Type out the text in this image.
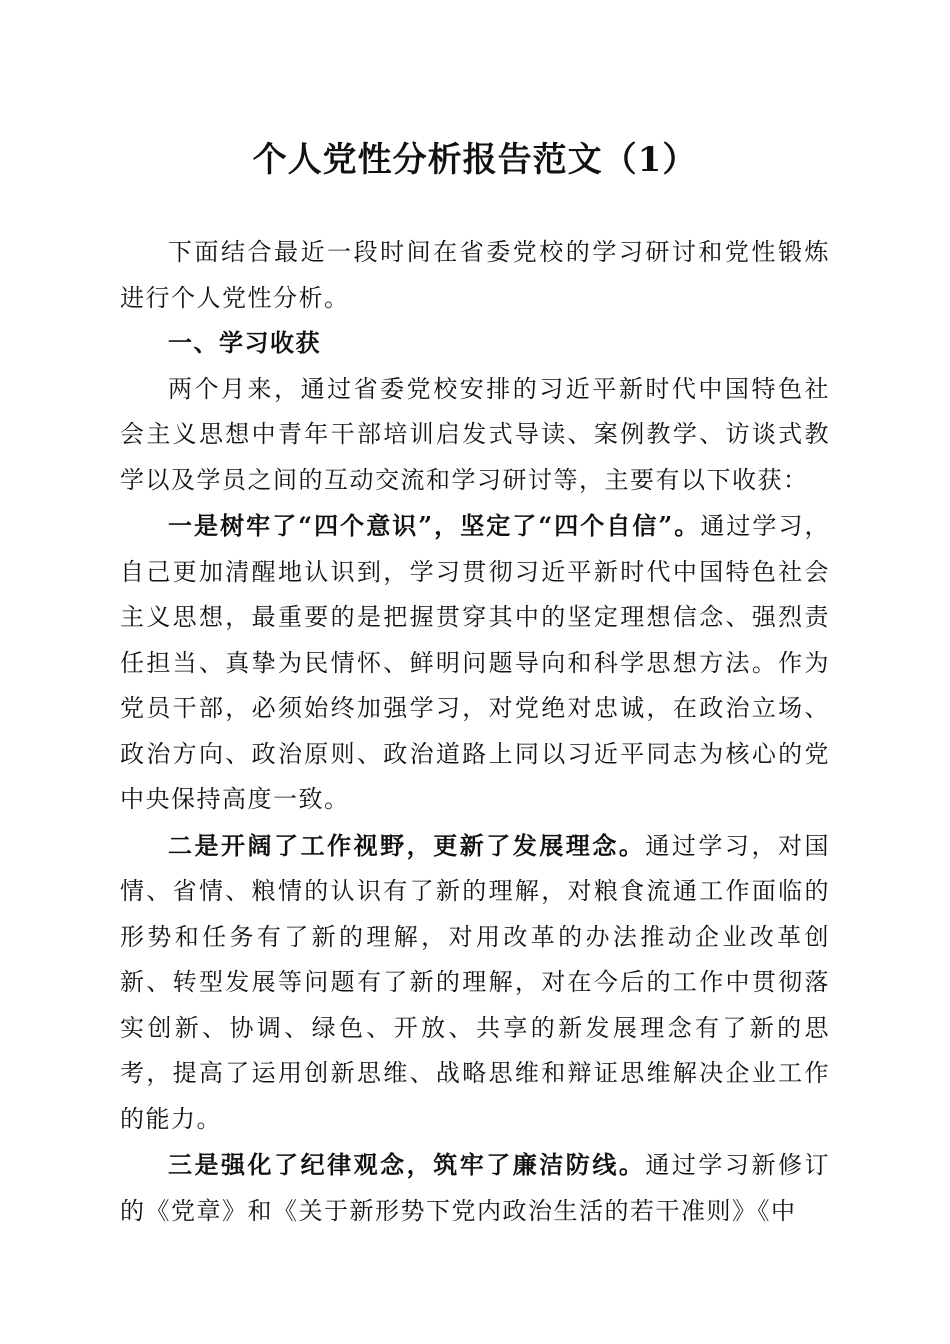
个人党性分析报告范文（1）

下面结合最近一段时间在省委党校的学习研讨和党性锻炼进行个人党性分析。

一、学习收获

两个月来，通过省委党校安排的习近平新时代中国特色社会主义思想中青年干部培训启发式导读、案例教学、访谈式教学以及学员之间的互动交流和学习研讨等，主要有以下收获：

一是树牢了“四个意识”，坚定了“四个自信”。通过学习，自己更加清醒地认识到，学习贯彻习近平新时代中国特色社会主义思想，最重要的是把握贯穿其中的坚定理想信念、强烈责任担当、真挚为民情怀、鲜明问题导向和科学思想方法。作为党员干部，必须始终加强学习，对党绝对忠诚，在政治立场、政治方向、政治原则、政治道路上同以习近平同志为核心的党中央保持高度一致。

二是开阔了工作视野，更新了发展理念。通过学习，对国情、省情、粮情的认识有了新的理解，对粮食流通工作面临的形势和任务有了新的理解，对用改革的办法推动企业改革创新、转型发展等问题有了新的理解，对在今后的工作中贯彻落实创新、协调、绿色、开放、共享的新发展理念有了新的思考，提高了运用创新思维、战略思维和辩证思维解决企业工作的能力。

三是强化了纪律观念，筑牢了廉洁防线。通过学习新修订的《党章》和《关于新形势下党内政治生活的若干准则》《中
